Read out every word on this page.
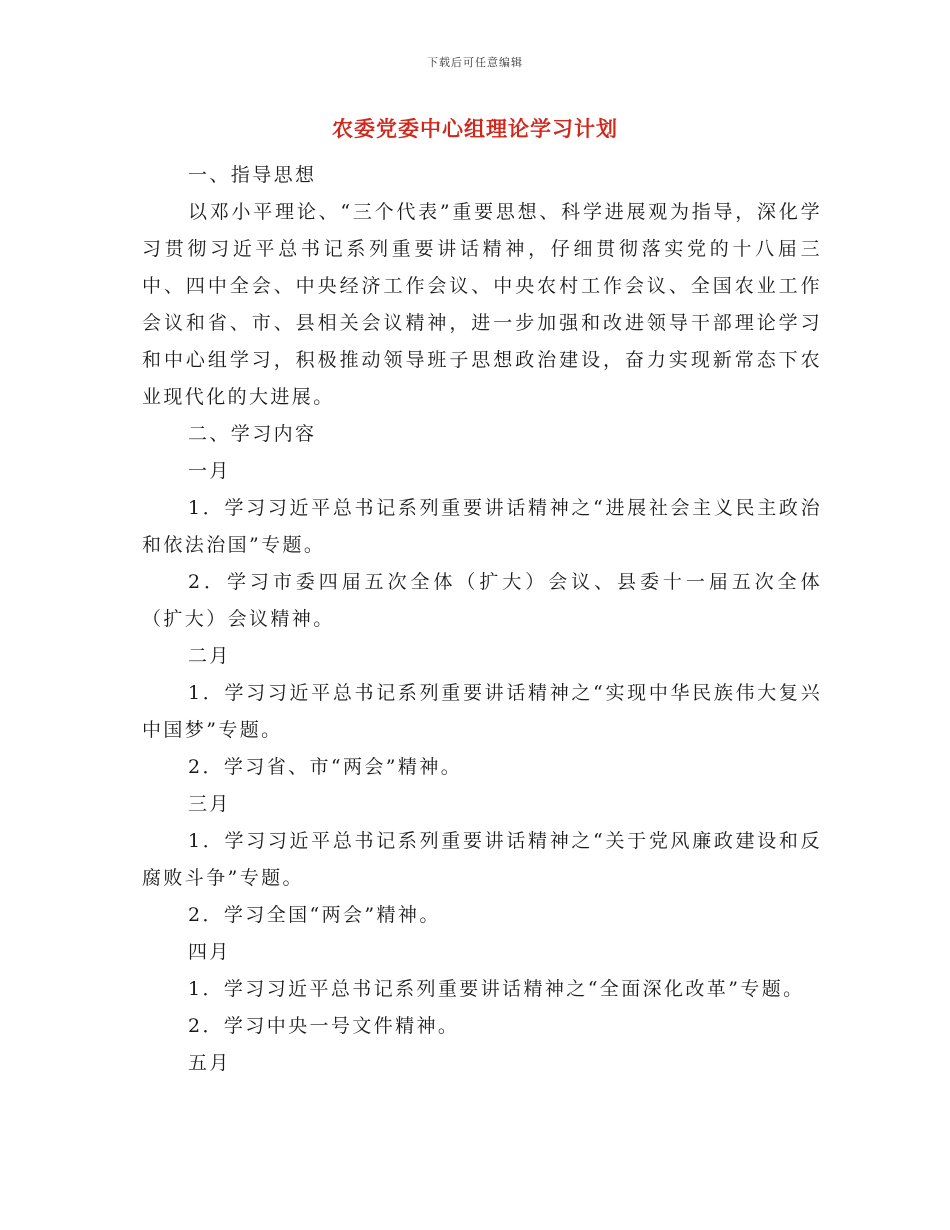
下载后可任意编辑
农委党委中心组理论学习计划

一、指导思想

以邓小平理论、“三个代表”重要思想、科学进展观为指导，深化学习贯彻习近平总书记系列重要讲话精神，仔细贯彻落实党的十八届三中、四中全会、中央经济工作会议、中央农村工作会议、全国农业工作会议和省、市、县相关会议精神，进一步加强和改进领导干部理论学习和中心组学习，积极推动领导班子思想政治建设，奋力实现新常态下农业现代化的大进展。

二、学习内容

一月

1．学习习近平总书记系列重要讲话精神之“进展社会主义民主政治和依法治国”专题。

2．学习市委四届五次全体（扩大）会议、县委十一届五次全体（扩大）会议精神。

二月

1．学习习近平总书记系列重要讲话精神之“实现中华民族伟大复兴中国梦”专题。

2．学习省、市“两会”精神。

三月

1．学习习近平总书记系列重要讲话精神之“关于党风廉政建设和反腐败斗争”专题。

2．学习全国“两会”精神。

四月

1．学习习近平总书记系列重要讲话精神之“全面深化改革”专题。

2．学习中央一号文件精神。

五月
